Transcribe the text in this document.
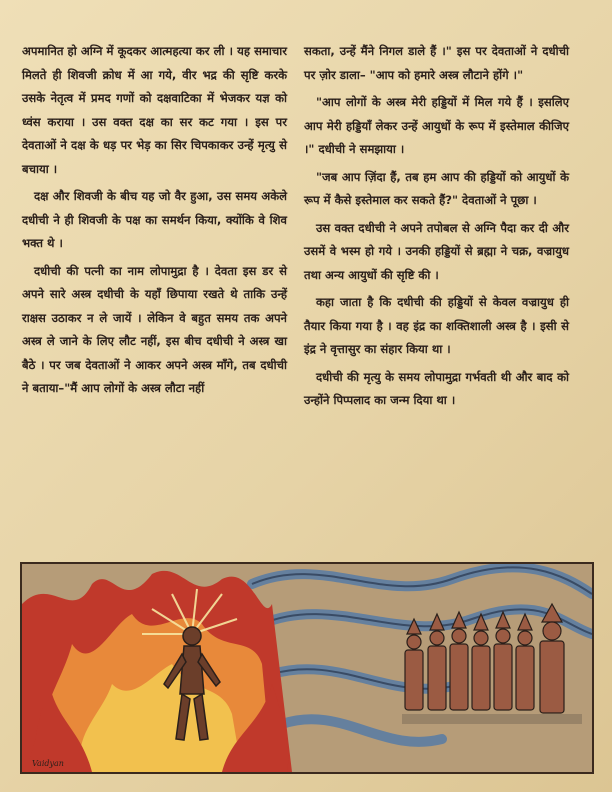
अपमानित हो अग्नि में कूदकर आत्महत्या कर ली । यह समाचार मिलते ही शिवजी क्रोध में आ गये, वीर भद्र की सृष्टि करके उसके नेतृत्व में प्रमद गणों को दक्षवाटिका में भेजकर यज्ञ को ध्वंस कराया । उस वक्त दक्ष का सर कट गया । इस पर देवताओं ने दक्ष के धड़ पर भेड़ का सिर चिपकाकर उन्हें मृत्यु से बचाया ।

दक्ष और शिवजी के बीच यह जो वैर हुआ, उस समय अकेले दधीची ने ही शिवजी के पक्ष का समर्थन किया, क्योंकि वे शिव भक्त थे ।

दधीची की पत्नी का नाम लोपामुद्रा है । देवता इस डर से अपने सारे अस्त्र दधीची के यहाँ छिपाया रखते थे ताकि उन्हें राक्षस उठाकर न ले जायें । लेकिन वे बहुत समय तक अपने अस्त्र ले जाने के लिए लौट नहीं, इस बीच दधीची ने अस्त्र खा बैठे । पर जब देवताओं ने आकर अपने अस्त्र माँगे, तब दधीची ने बताया–"मैं आप लोगों के अस्त्र लौटा नहीं

सकता, उन्हें मैंने निगल डाले हैं ।" इस पर देवताओं ने दधीची पर ज़ोर डाला– "आप को हमारे अस्त्र लौटाने होंगे ।"

"आप लोगों के अस्त्र मेरी हड्डियों में मिल गये हैं । इसलिए आप मेरी हड्डियाँ लेकर उन्हें आयुधों के रूप में इस्तेमाल कीजिए ।" दधीची ने समझाया ।

"जब आप ज़िंदा हैं, तब हम आप की हड्डियों को आयुधों के रूप में कैसे इस्तेमाल कर सकते हैं?" देवताओं ने पूछा ।

उस वक्त दधीची ने अपने तपोबल से अग्नि पैदा कर दी और उसमें वे भस्म हो गये । उनकी हड्डियों से ब्रह्मा ने चक्र, वज्रायुध तथा अन्य आयुधों की सृष्टि की ।

कहा जाता है कि दधीची की हड्डियों से केवल वज्रायुध ही तैयार किया गया है । वह इंद्र का शक्तिशाली अस्त्र है । इसी से इंद्र ने वृत्तासुर का संहार किया था ।

दधीची की मृत्यु के समय लोपामुद्रा गर्भवती थी और बाद को उन्होंने पिप्पलाद का जन्म दिया था ।

Vaidyan
